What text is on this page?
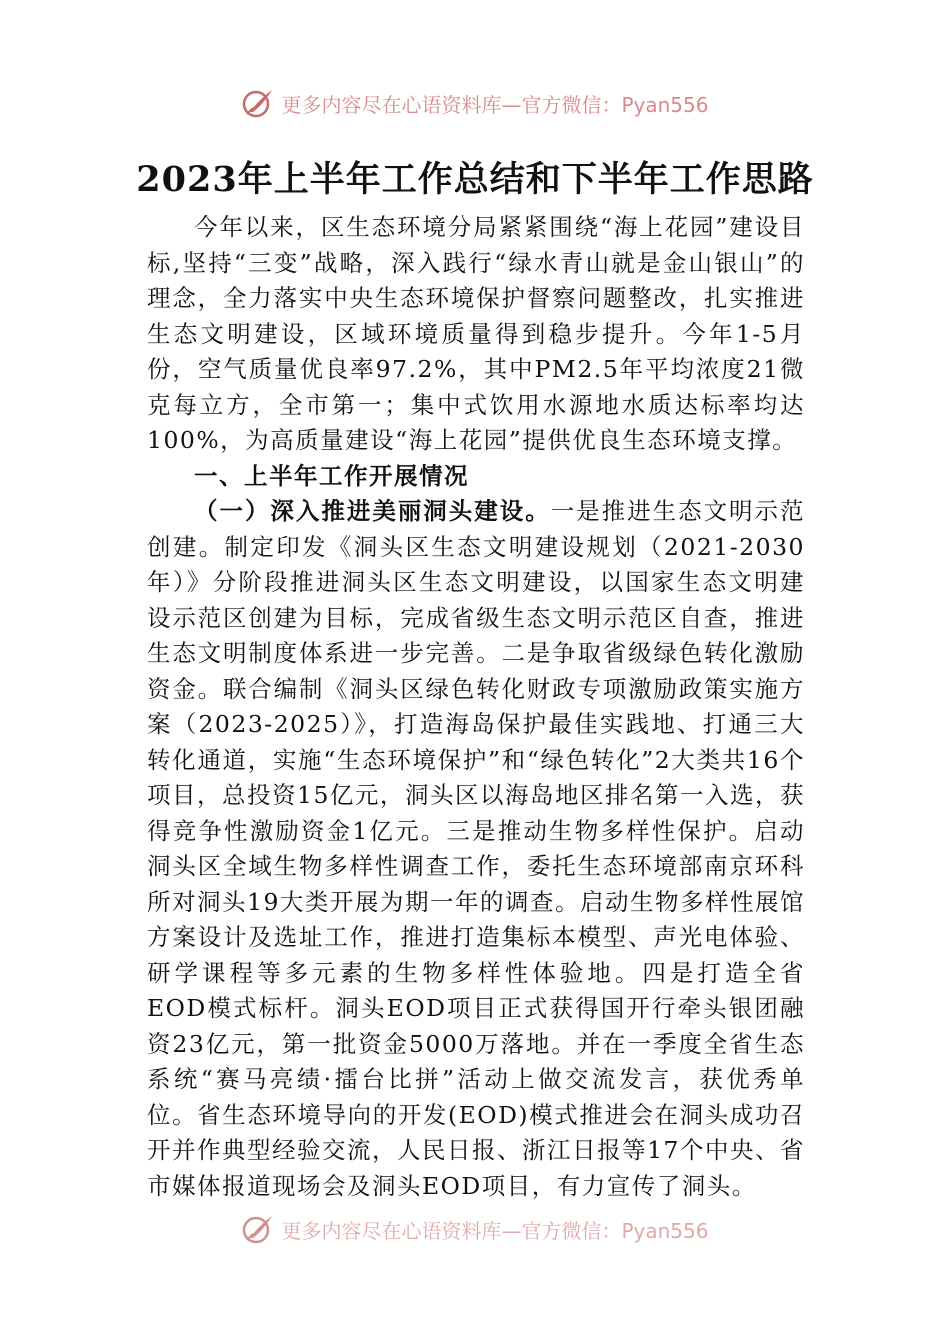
更多内容尽在心语资料库—官方微信：Pyan556
2023年上半年工作总结和下半年工作思路

今年以来，区生态环境分局紧紧围绕“海上花园”建设目标,坚持“三变”战略，深入践行“绿水青山就是金山银山”的理念，全力落实中央生态环境保护督察问题整改，扎实推进生态文明建设，区域环境质量得到稳步提升。今年1-5月份，空气质量优良率97.2%，其中PM2.5年平均浓度21微克每立方，全市第一；集中式饮用水源地水质达标率均达100%，为高质量建设“海上花园”提供优良生态环境支撑。

一、上半年工作开展情况

（一）深入推进美丽洞头建设。一是推进生态文明示范创建。制定印发《洞头区生态文明建设规划（2021-2030年）》分阶段推进洞头区生态文明建设，以国家生态文明建设示范区创建为目标，完成省级生态文明示范区自查，推进生态文明制度体系进一步完善。二是争取省级绿色转化激励资金。联合编制《洞头区绿色转化财政专项激励政策实施方案（2023-2025）》，打造海岛保护最佳实践地、打通三大转化通道，实施“生态环境保护”和“绿色转化”2大类共16个项目，总投资15亿元，洞头区以海岛地区排名第一入选，获得竞争性激励资金1亿元。三是推动生物多样性保护。启动洞头区全域生物多样性调查工作，委托生态环境部南京环科所对洞头19大类开展为期一年的调查。启动生物多样性展馆方案设计及选址工作，推进打造集标本模型、声光电体验、研学课程等多元素的生物多样性体验地。四是打造全省EOD模式标杆。洞头EOD项目正式获得国开行牵头银团融资23亿元，第一批资金5000万落地。并在一季度全省生态系统“赛马亮绩·擂台比拼”活动上做交流发言，获优秀单位。省生态环境导向的开发(EOD)模式推进会在洞头成功召开并作典型经验交流，人民日报、浙江日报等17个中央、省市媒体报道现场会及洞头EOD项目，有力宣传了洞头。

更多内容尽在心语资料库—官方微信：Pyan556
